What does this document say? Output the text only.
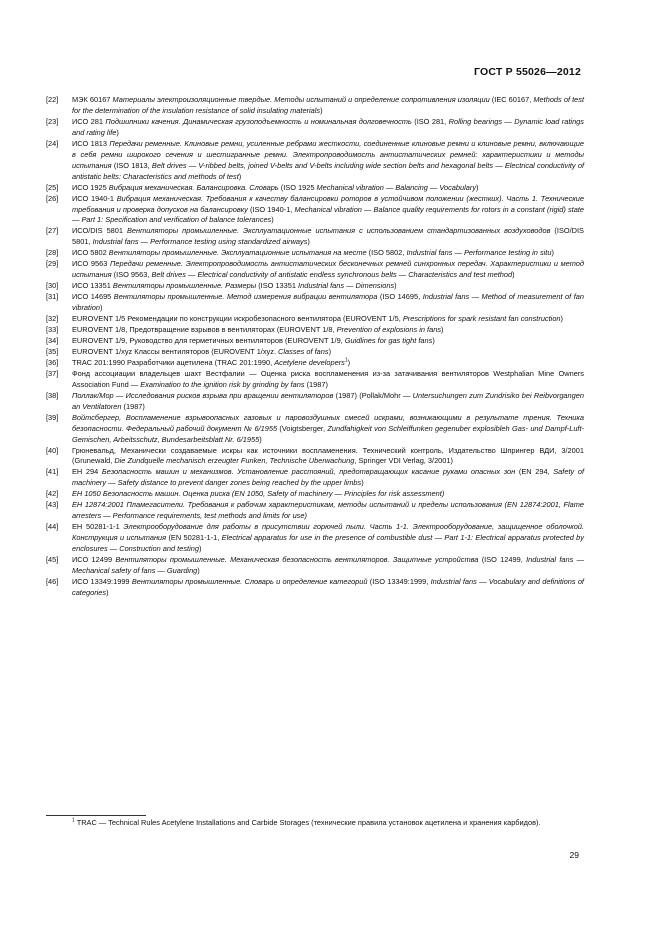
ГОСТ Р 55026—2012
[22]	МЭК 60167 Материалы электроизоляционные твердые. Методы испытаний и определение сопротивления изоляции (IEC 60167, Methods of test for the determination of the insulation resistance of solid insulating materials)
[23]	ИСО 281 Подшипники качения. Динамическая грузоподъемность и номинальная долговечность (ISO 281, Rolling bearings — Dynamic load ratings and rating life)
[24]	ИСО 1813 Передачи ременные. Клиновые ремни, усиленные ребрами жесткости, соединенные клиновые ремни и клиновые ремни, включающие в себя ремни широкого сечения и шестигранные ремни. Электропроводимость антистатических ремней: характеристики и методы испытания (ISO 1813, Belt drives — V-ribbed belts, joined V-belts and V-belts including wide section belts and hexagonal belts — Electrical conductivity of antistatic belts: Characteristics and methods of test)
[25]	ИСО 1925 Вибрация механическая. Балансировка. Словарь (ISO 1925 Mechanical vibration — Balancing — Vocabulary)
[26]	ИСО 1940-1 Вибрация механическая. Требования к качеству балансировки роторов в устойчивом положении (жестких). Часть 1. Технические требования и проверка допусков на балансировку (ISO 1940-1, Mechanical vibration — Balance quality requirements for rotors in a constant (rigid) state — Part 1: Specification and verification of balance tolerances)
[27]	ИСО/DIS 5801 Вентиляторы промышленные. Эксплуатационные испытания с использованием стандартизованных воздуховодов (ISO/DIS 5801, Industrial fans — Performance testing using standardized airways)
[28]	ИСО 5802 Вентиляторы промышленные. Эксплуатационные испытания на месте (ISO 5802, Industrial fans — Performance testing in situ)
[29]	ИСО 9563 Передачи ременные. Электропроводимость антистатических бесконечных ремней синхронных передач. Характеристики и метод испытания (ISO 9563, Belt drives — Electrical conductivity of antistatic endless synchronous belts — Characteristics and test method)
[30]	ИСО 13351 Вентиляторы промышленные. Размеры (ISO 13351 Industrial fans — Dimensions)
[31]	ИСО 14695 Вентиляторы промышленные. Метод измерения вибрации вентилятора (ISO 14695, Industrial fans — Method of measurement of fan vibration)
[32]	EUROVENT 1/5 Рекомендации по конструкции искробезопасного вентилятора (EUROVENT 1/5, Prescriptions for spark resistant fan construction)
[33]	EUROVENT 1/8, Предотвращение взрывов в вентиляторах (EUROVENT 1/8, Prevention of explosions in fans)
[34]	EUROVENT 1/9, Руководство для герметичных вентиляторов (EUROVENT 1/9, Guidlines for gas tight fans)
[35]	EUROVENT 1/xyz Классы вентиляторов (EUROVENT 1/xyz. Classes of fans)
[36]	TRAC 201:1990 Разработчики ацетилена (TRAC 201:1990, Acetylene developers$^1$)
[37]	Фонд ассоциации владельцев шахт Вестфалии — Оценка риска воспламенения из-за затачивания вентиляторов Westphalian Mine Owners Association Fund — Examination to the ignition risk by grinding by fans (1987)
[38]	Поллак/Мор — Исследования рисков взрыва при вращении вентиляторов (1987) (Pollak/Mohr — Untersuchungen zum Zundrisiko bei Reibvorgangen an Ventilatoren (1987)
[39]	Войтсбергер, Воспламенение взрывоопасных газовых и паровоздушных смесей искрами, возникающими в результате трения. Техника безопасности. Федеральный рабочий документ № 6/1955 (Voigtsberger, Zundfahigkeit von Schleiffunken gegenuber explosibleh Gas- und Dampf-Luft-Gemischen, Arbeitsschutz, Bundesarbeitsblatt Nr. 6/1955)
[40]	Грюневальд, Механически создаваемые искры как источники воспламенения. Технический контроль, Издательство Шпрингер ВДИ, 3/2001 (Grunewald, Die Zundquelle mechanisch erzeugter Funken, Technische Uberwachung, Springer VDI Verlag, 3/2001)
[41]	ЕН 294 Безопасность машин и механизмов. Установление расстояний, предотвращающих касание руками опасных зон (EN 294, Safety of machinery — Safety distance to prevent danger zones being reached by the upper limbs)
[42]	ЕН 1050 Безопасность машин. Оценка риска (EN 1050, Safety of machinery — Principles for risk assessment)
[43]	ЕН 12874:2001 Пламегасители. Требования к рабочим характеристикам, методы испытаний и пределы использования (EN 12874:2001, Flame arresters — Performance requirements, test methods and limits for use)
[44]	ЕН 50281-1-1 Электрооборудование для работы в присутствии горючей пыли. Часть 1-1. Электрооборудование, защищенное оболочкой. Конструкция и испытания (EN 50281-1-1, Electrical apparatus for use in the presence of combustible dust — Part 1-1: Electrical apparatus protected by enclosures — Construction and testing)
[45]	ИСО 12499 Вентиляторы промышленные. Механическая безопасность вентиляторов. Защитные устройства (ISO 12499, Industrial fans — Mechanical safety of fans — Guarding)
[46]	ИСО 13349:1999 Вентиляторы промышленные. Словарь и определение категорий (ISO 13349:1999, Industrial fans — Vocabulary and definitions of categories)
$^1$ TRAC — Technical Rules Acetylene Installations and Carbide Storages (технические правила установок ацетилена и хранения карбидов).
29
